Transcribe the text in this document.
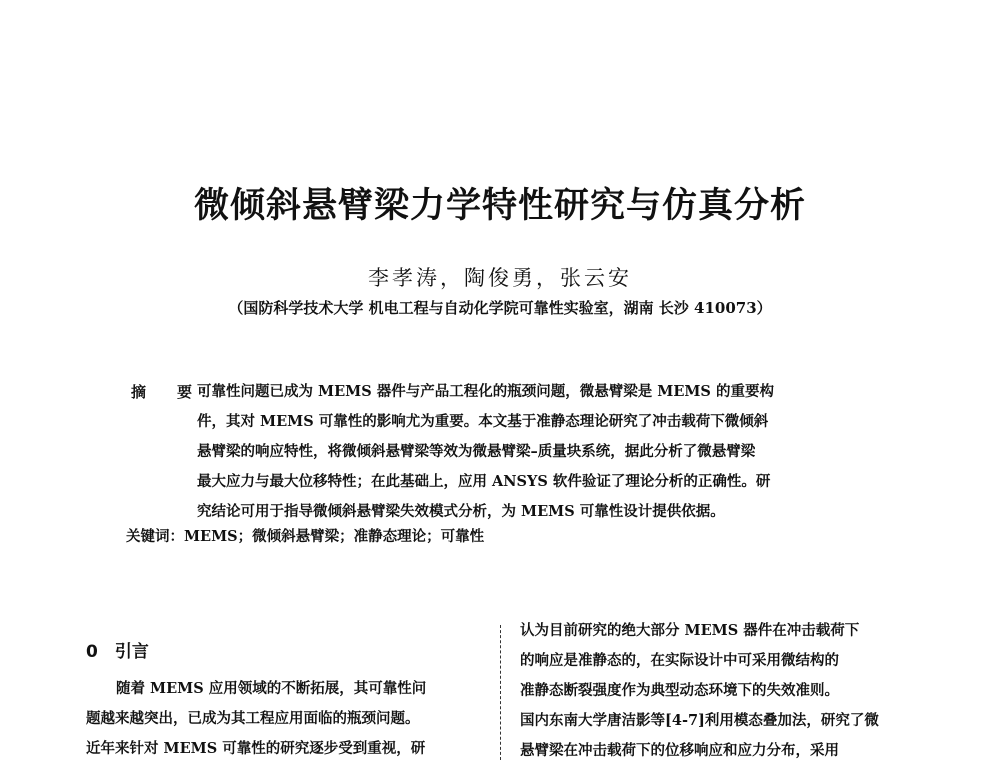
微倾斜悬臂梁力学特性研究与仿真分析
李孝涛，陶俊勇，张云安
（国防科学技术大学 机电工程与自动化学院可靠性实验室，湖南 长沙 410073）
摘　要：
可靠性问题已成为 MEMS 器件与产品工程化的瓶颈问题，微悬臂梁是 MEMS 的重要构
件，其对 MEMS 可靠性的影响尤为重要。本文基于准静态理论研究了冲击载荷下微倾斜
悬臂梁的响应特性，将微倾斜悬臂梁等效为微悬臂梁–质量块系统，据此分析了微悬臂梁
最大应力与最大位移特性；在此基础上，应用 ANSYS 软件验证了理论分析的正确性。研
究结论可用于指导微倾斜悬臂梁失效模式分析，为 MEMS 可靠性设计提供依据。
关键词：MEMS；微倾斜悬臂梁；准静态理论；可靠性
0　引言
随着 MEMS 应用领域的不断拓展，其可靠性问
题越来越突出，已成为其工程应用面临的瓶颈问题。
近年来针对 MEMS 可靠性的研究逐步受到重视，研
认为目前研究的绝大部分 MEMS 器件在冲击载荷下
的响应是准静态的，在实际设计中可采用微结构的
准静态断裂强度作为典型动态环境下的失效准则。
国内东南大学唐洁影等[4-7]利用模态叠加法，研究了微
悬臂梁在冲击载荷下的位移响应和应力分布，采用
